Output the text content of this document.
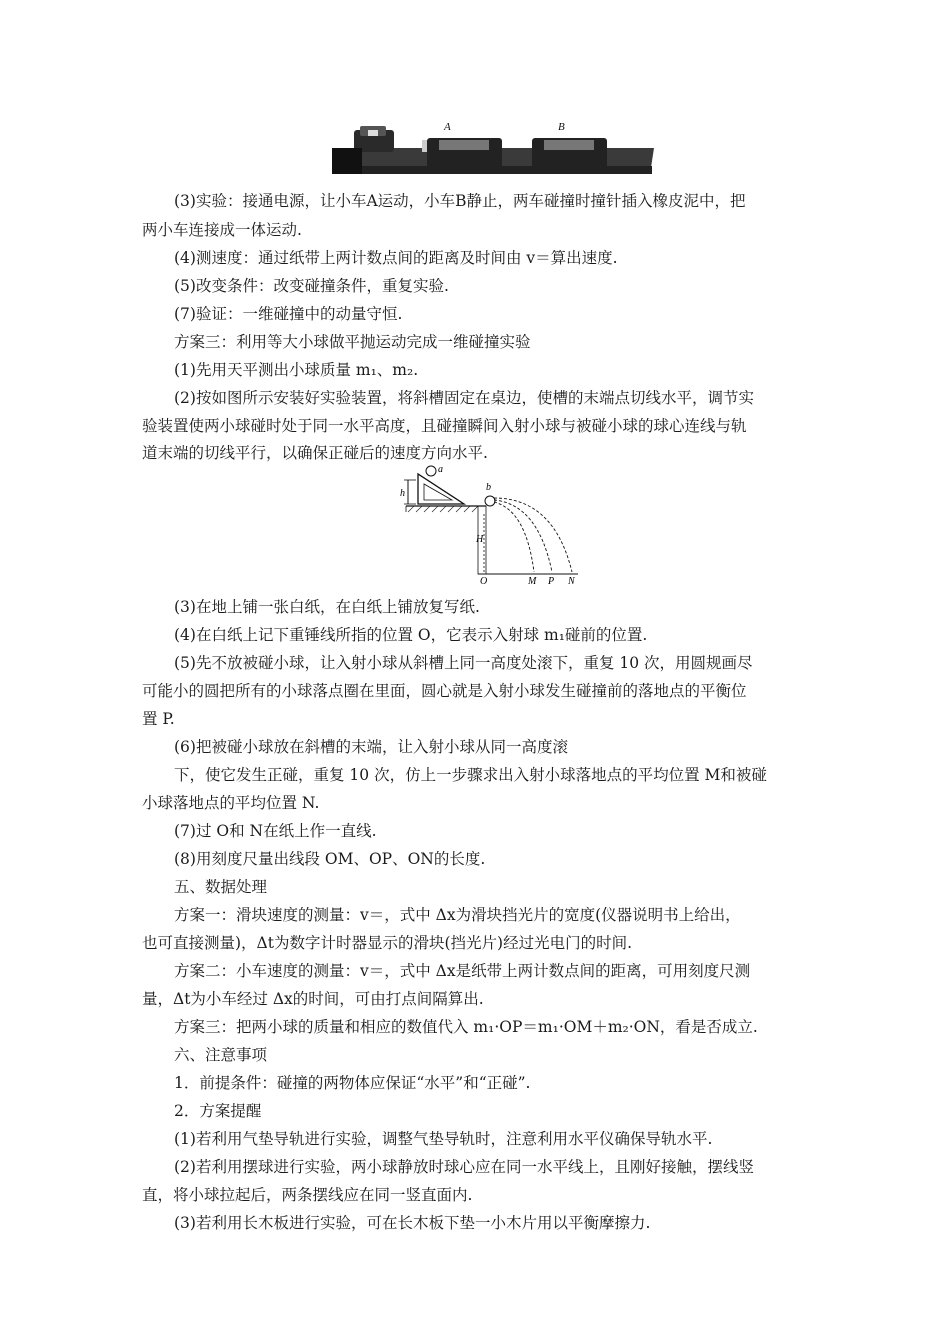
A	B
h
a
b
H
O	M P N
(3)实验：接通电源，让小车A运动，小车B静止，两车碰撞时撞针插入橡皮泥中，把
两小车连接成一体运动.
(4)测速度：通过纸带上两计数点间的距离及时间由 v＝算出速度.
(5)改变条件：改变碰撞条件，重复实验.
(7)验证：一维碰撞中的动量守恒.
方案三：利用等大小球做平抛运动完成一维碰撞实验
(1)先用天平测出小球质量 m₁、m₂.
(2)按如图所示安装好实验装置，将斜槽固定在桌边，使槽的末端点切线水平，调节实
验装置使两小球碰时处于同一水平高度，且碰撞瞬间入射小球与被碰小球的球心连线与轨
道末端的切线平行，以确保正碰后的速度方向水平.
(3)在地上铺一张白纸，在白纸上铺放复写纸.
(4)在白纸上记下重锤线所指的位置 O，它表示入射球 m₁碰前的位置.
(5)先不放被碰小球，让入射小球从斜槽上同一高度处滚下，重复 10 次，用圆规画尽
可能小的圆把所有的小球落点圈在里面，圆心就是入射小球发生碰撞前的落地点的平衡位
置 P.
(6)把被碰小球放在斜槽的末端，让入射小球从同一高度滚
下，使它发生正碰，重复 10 次，仿上一步骤求出入射小球落地点的平均位置 M和被碰
小球落地点的平均位置 N.
(7)过 O和 N在纸上作一直线.
(8)用刻度尺量出线段 OM、OP、ON的长度.
五、数据处理
方案一：滑块速度的测量：v＝，式中 Δx为滑块挡光片的宽度(仪器说明书上给出，
也可直接测量)，Δt为数字计时器显示的滑块(挡光片)经过光电门的时间.
方案二：小车速度的测量：v＝，式中 Δx是纸带上两计数点间的距离，可用刻度尺测
量，Δt为小车经过 Δx的时间，可由打点间隔算出.
方案三：把两小球的质量和相应的数值代入 m₁·OP＝m₁·OM＋m₂·ON，看是否成立.
六、注意事项
1．前提条件：碰撞的两物体应保证“水平”和“正碰”.
2．方案提醒
(1)若利用气垫导轨进行实验，调整气垫导轨时，注意利用水平仪确保导轨水平.
(2)若利用摆球进行实验，两小球静放时球心应在同一水平线上，且刚好接触，摆线竖
直，将小球拉起后，两条摆线应在同一竖直面内.
(3)若利用长木板进行实验，可在长木板下垫一小木片用以平衡摩擦力.
